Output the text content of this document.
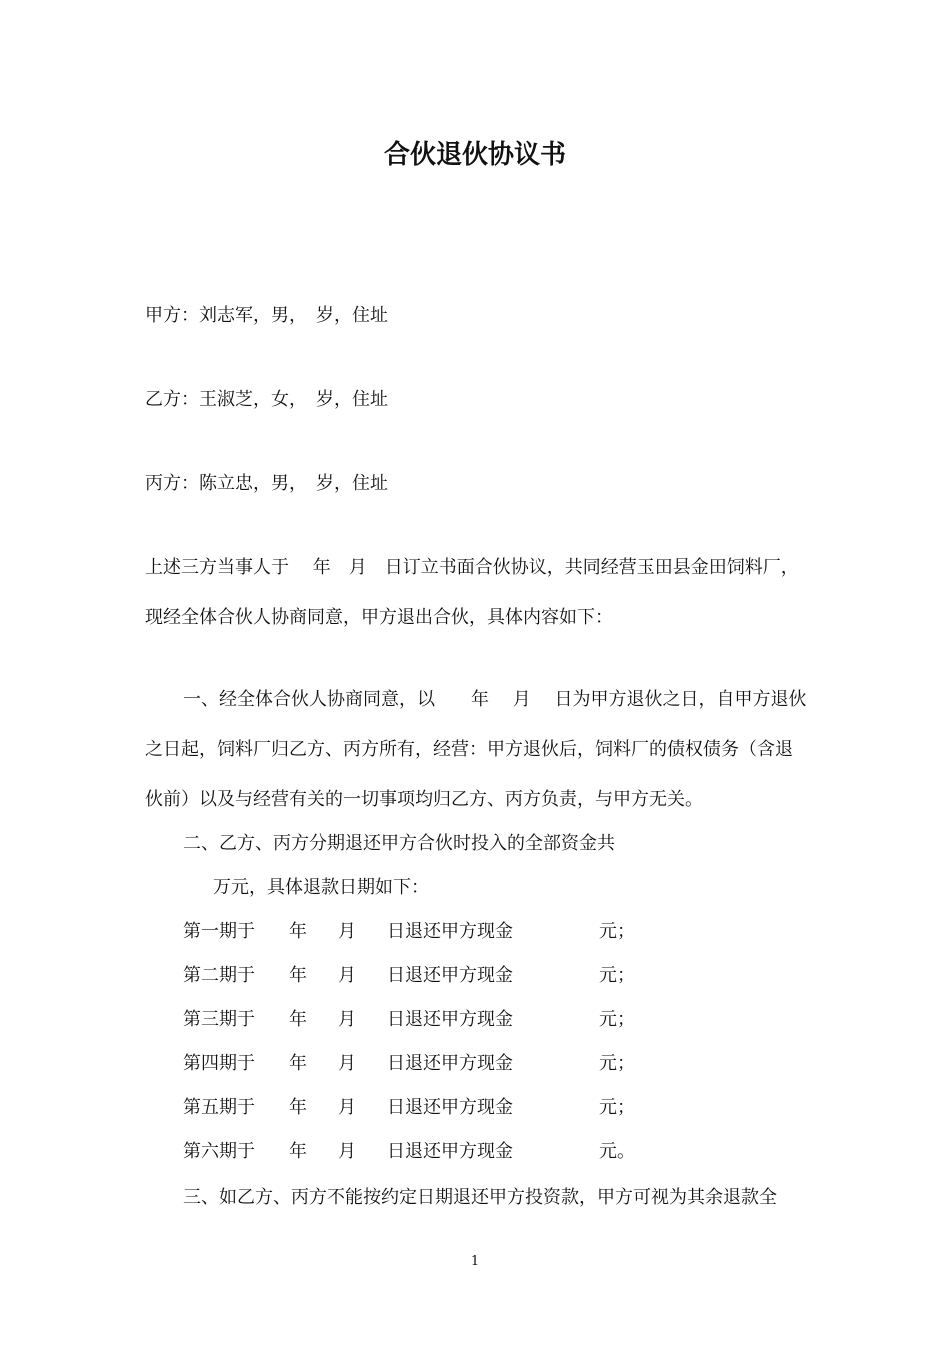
合伙退伙协议书
甲方：刘志军，男，　岁，住址
乙方：王淑芝，女，　岁，住址
丙方：陈立忠，男，　岁，住址
上述三方当事人于　 年　月　日订立书面合伙协议，共同经营玉田县金田饲料厂，
现经全体合伙人协商同意，甲方退出合伙，具体内容如下：
一、经全体合伙人协商同意，以　　年　 月　 日为甲方退伙之日，自甲方退伙
之日起，饲料厂归乙方、丙方所有，经营：甲方退伙后，饲料厂的债权债务（含退
伙前）以及与经营有关的一切事项均归乙方、丙方负责，与甲方无关。
二、乙方、丙方分期退还甲方合伙时投入的全部资金共
万元，具体退款日期如下：
第一期于 年 月 日退还甲方现金	元；
第二期于 年 月 日退还甲方现金	元；
第三期于 年 月 日退还甲方现金	元；
第四期于 年 月 日退还甲方现金	元；
第五期于 年 月 日退还甲方现金	元；
第六期于 年 月 日退还甲方现金	元。
三、如乙方、丙方不能按约定日期退还甲方投资款，甲方可视为其余退款全
1
